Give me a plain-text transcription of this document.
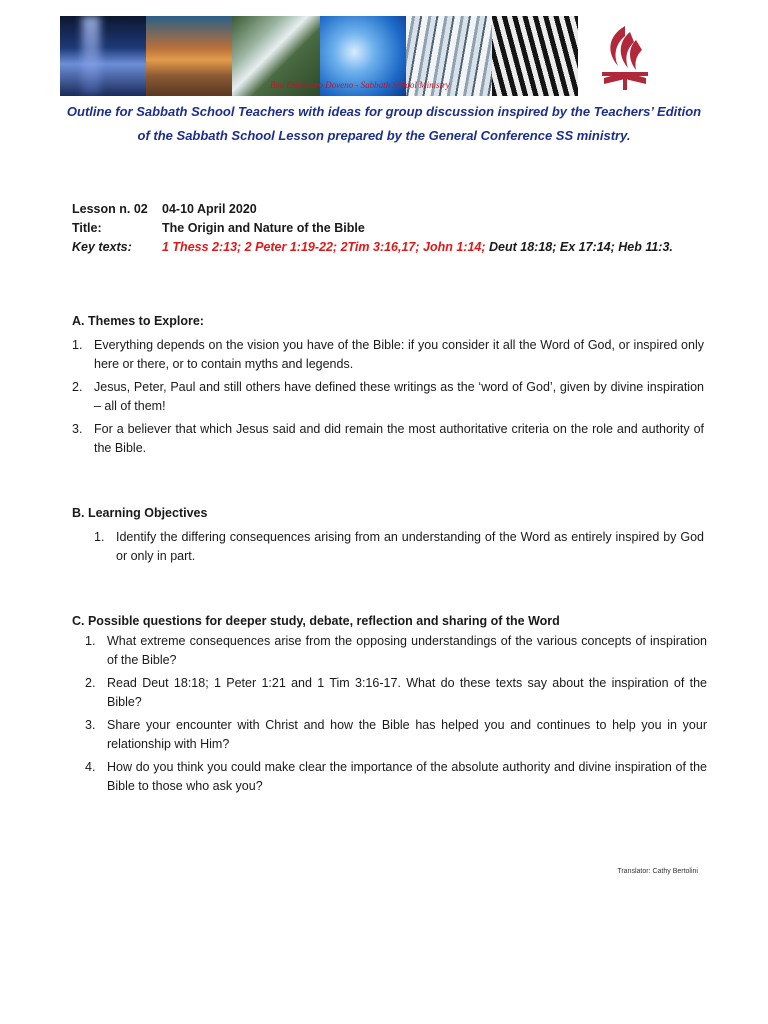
Bea Erbessuro Doveno - Sabbath School Ministry
Outline for Sabbath School Teachers with ideas for group discussion inspired by the Teachers’ Edition
of the Sabbath School Lesson prepared by the General Conference SS ministry.
Lesson n. 02	04-10 April 2020
Title:	The Origin and Nature of the Bible
Key texts:	1 Thess 2:13; 2 Peter 1:19-22; 2Tim 3:16,17; John 1:14; Deut 18:18; Ex 17:14; Heb 11:3.
A. Themes to Explore:
1. Everything depends on the vision you have of the Bible: if you consider it all the Word of God, or inspired only here or there, or to contain myths and legends.
2. Jesus, Peter, Paul and still others have defined these writings as the ‘word of God’, given by divine inspiration – all of them!
3. For a believer that which Jesus said and did remain the most authoritative criteria on the role and authority of the Bible.
B. Learning Objectives
1. Identify the differing consequences arising from an understanding of the Word as entirely inspired by God or only in part.
C. Possible questions for deeper study, debate, reflection and sharing of the Word
1. What extreme consequences arise from the opposing understandings of the various concepts of inspiration of the Bible?
2. Read Deut 18:18; 1 Peter 1:21 and 1 Tim 3:16-17. What do these texts say about the inspiration of the Bible?
3. Share your encounter with Christ and how the Bible has helped you and continues to help you in your relationship with Him?
4. How do you think you could make clear the importance of the absolute authority and divine inspiration of the Bible to those who ask you?
Translator: Cathy Bertolini
